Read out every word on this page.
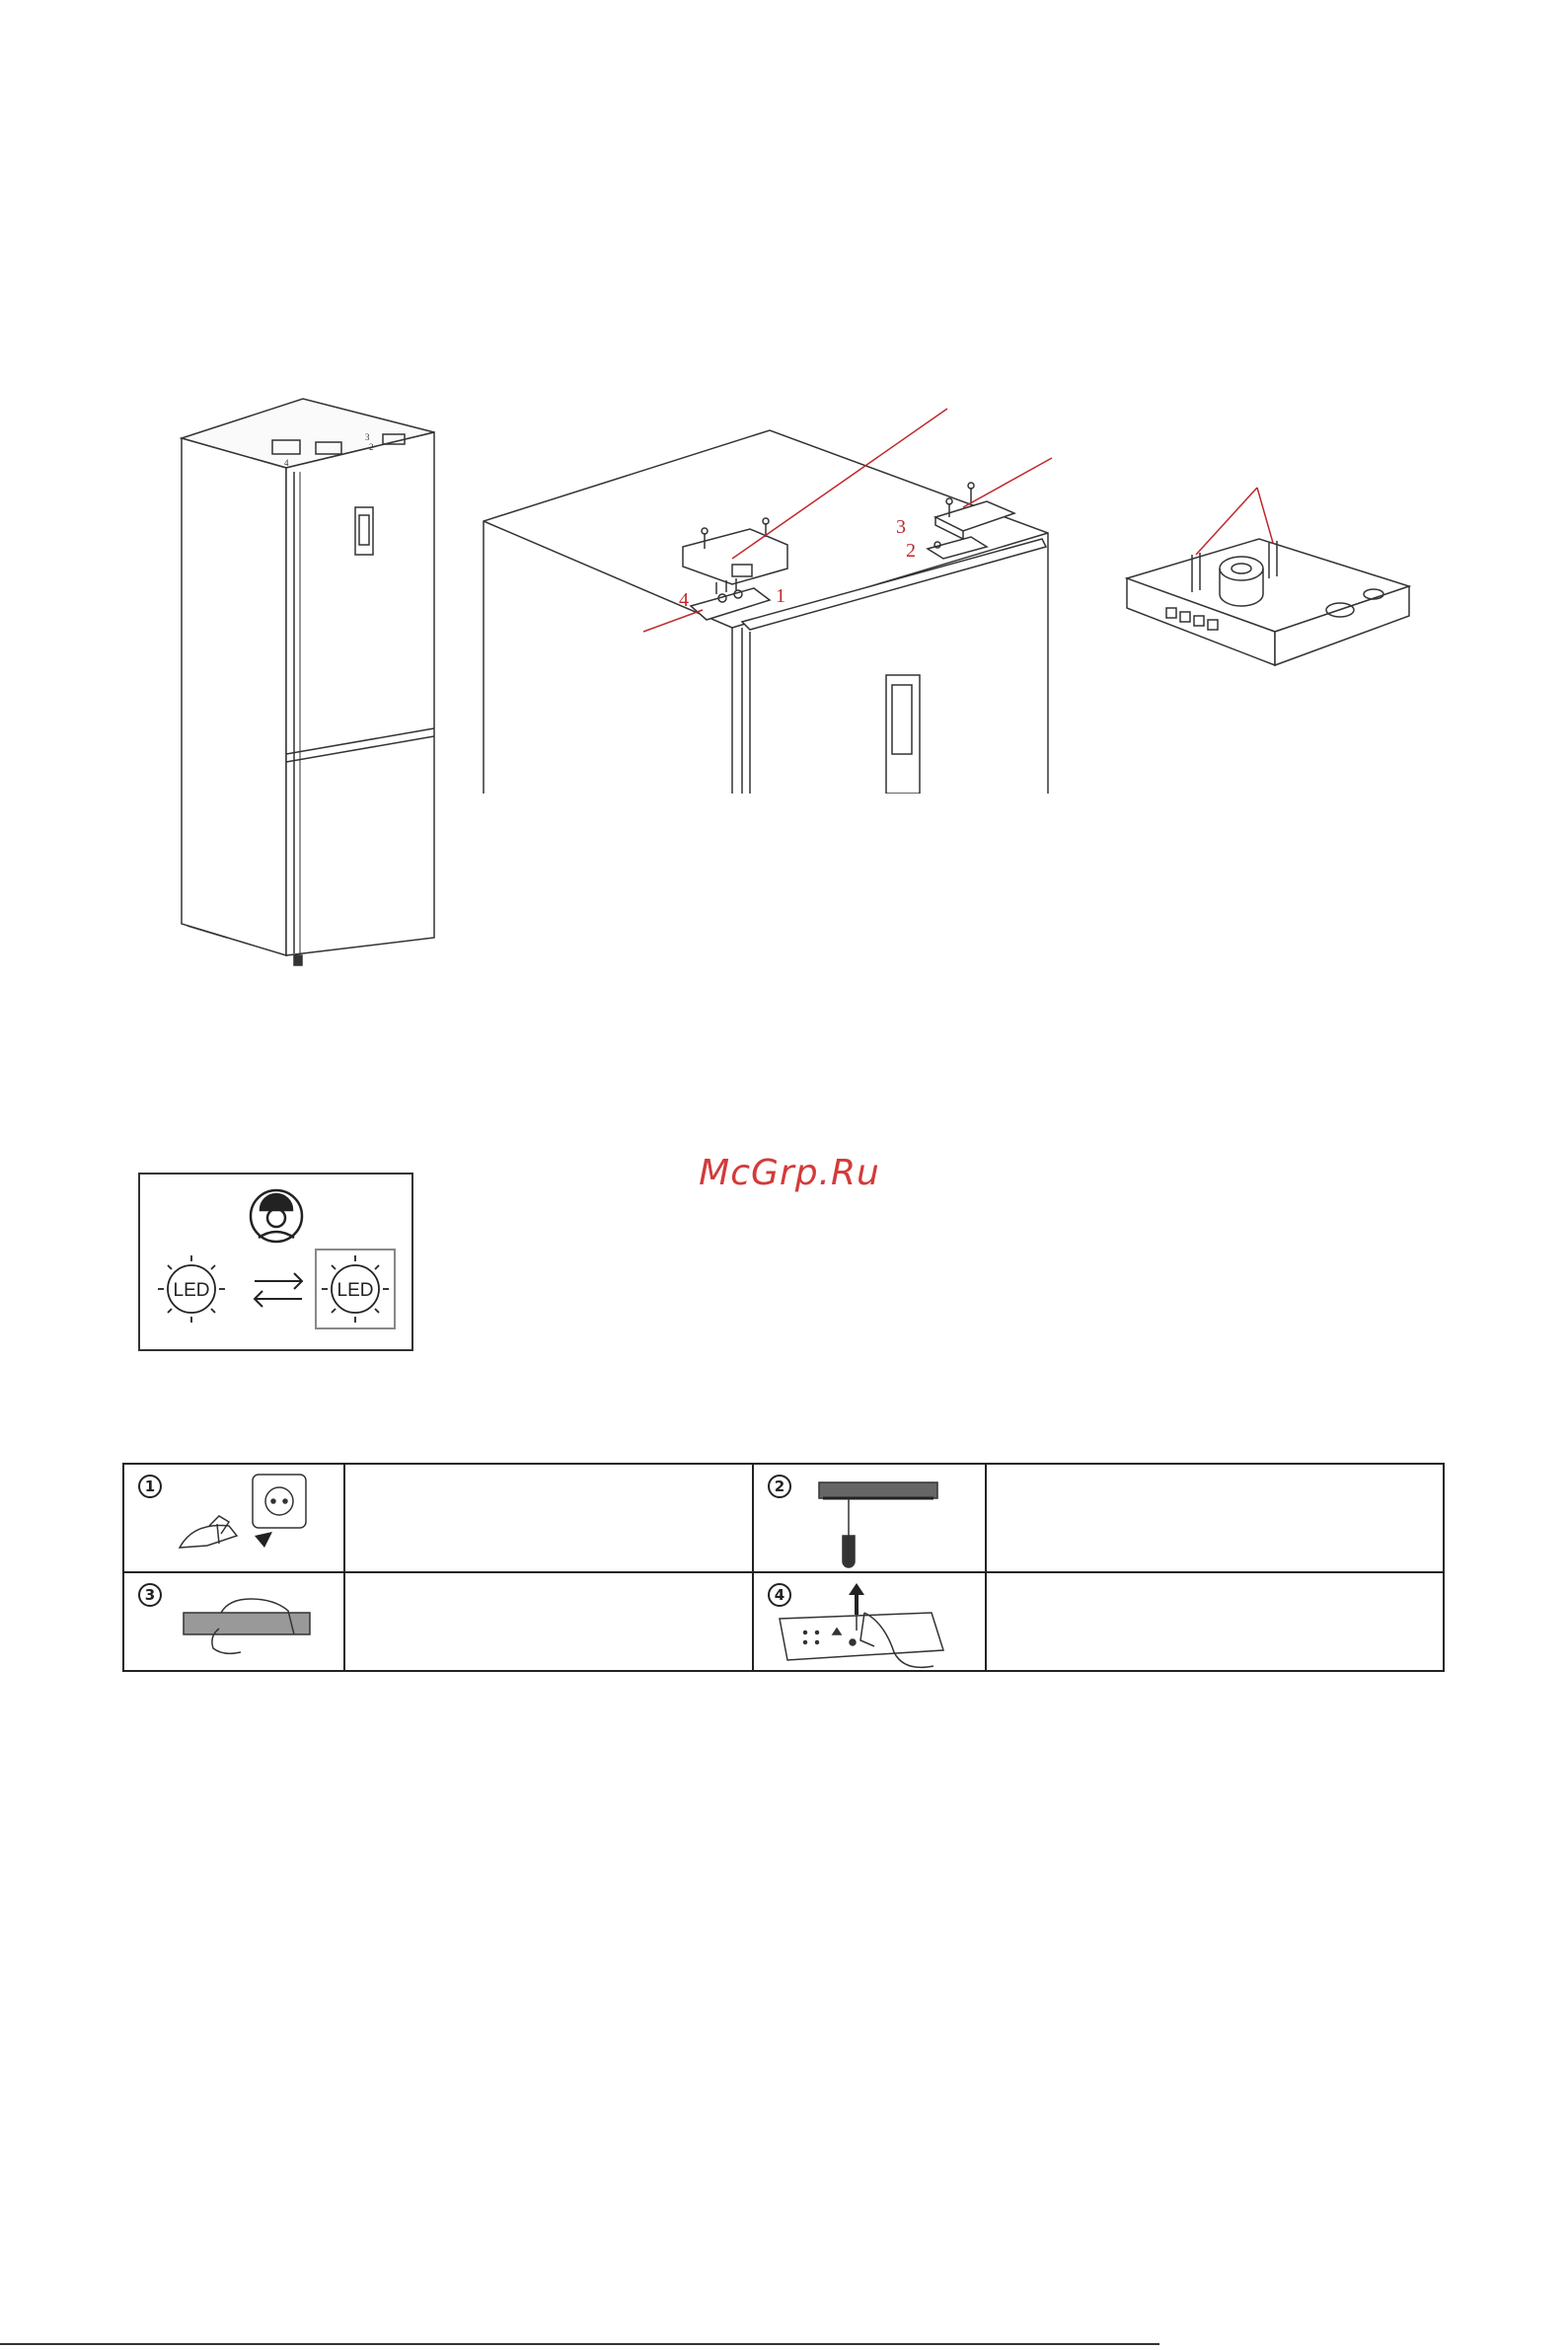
3
2
4
3
2
4	1
McGrp.Ru
LED	LED
1		2	

3		4	
